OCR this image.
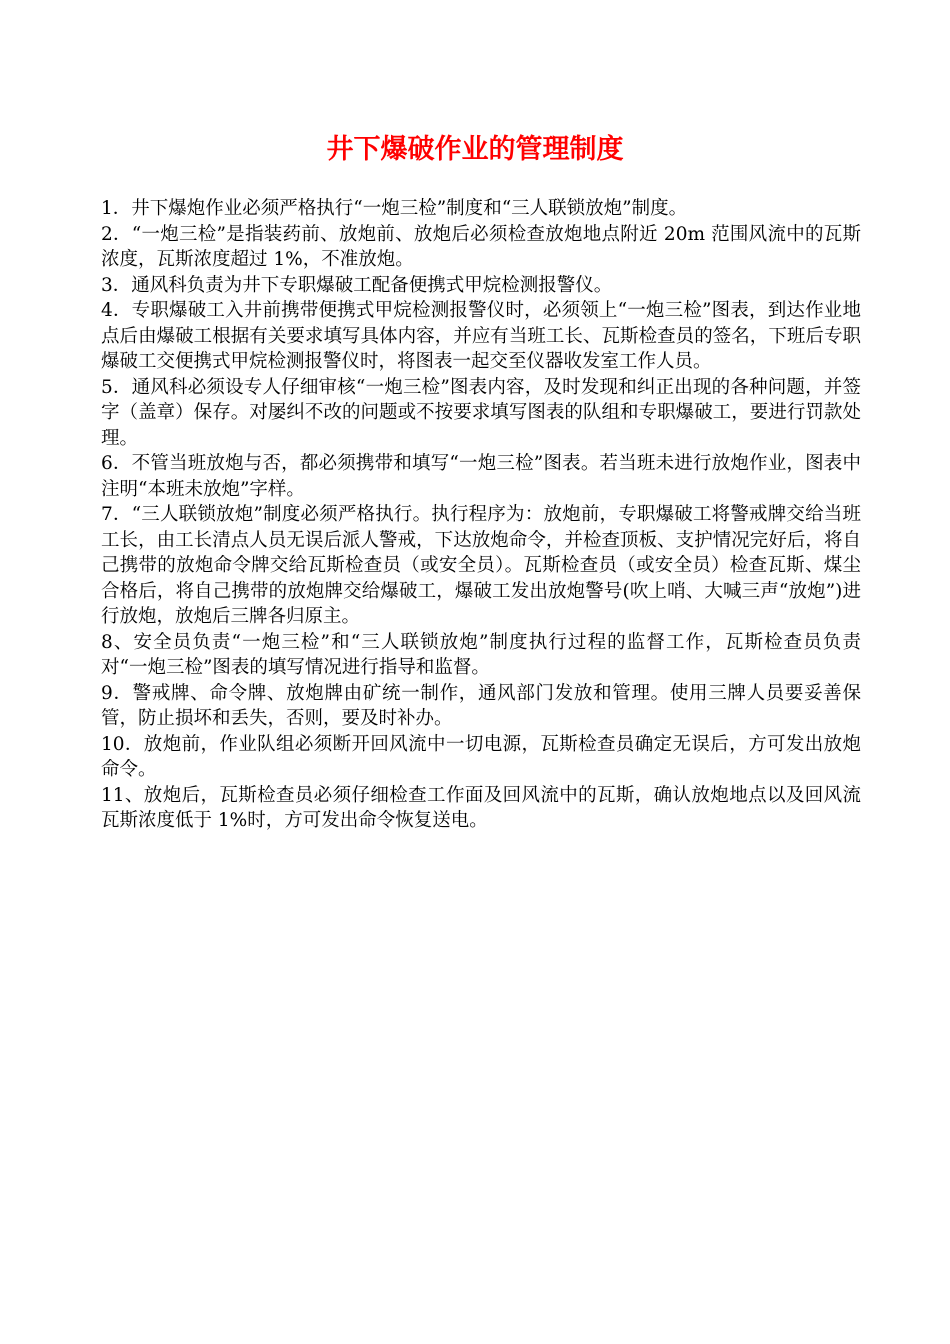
井下爆破作业的管理制度

1．井下爆炮作业必须严格执行“一炮三检”制度和“三人联锁放炮”制度。

2．“一炮三检”是指装药前、放炮前、放炮后必须检查放炮地点附近 20m 范围风流中的瓦斯浓度，瓦斯浓度超过 1%，不准放炮。

3．通风科负责为井下专职爆破工配备便携式甲烷检测报警仪。

4．专职爆破工入井前携带便携式甲烷检测报警仪时，必须领上“一炮三检”图表，到达作业地点后由爆破工根据有关要求填写具体内容，并应有当班工长、瓦斯检查员的签名，下班后专职爆破工交便携式甲烷检测报警仪时，将图表一起交至仪器收发室工作人员。

5．通风科必须设专人仔细审核“一炮三检”图表内容，及时发现和纠正出现的各种问题，并签字（盖章）保存。对屡纠不改的问题或不按要求填写图表的队组和专职爆破工，要进行罚款处理。

6．不管当班放炮与否，都必须携带和填写“一炮三检”图表。若当班未进行放炮作业，图表中注明“本班未放炮”字样。

7．“三人联锁放炮”制度必须严格执行。执行程序为：放炮前，专职爆破工将警戒牌交给当班工长，由工长清点人员无误后派人警戒，下达放炮命令，并检查顶板、支护情况完好后，将自己携带的放炮命令牌交给瓦斯检查员（或安全员）。瓦斯检查员（或安全员）检查瓦斯、煤尘合格后，将自己携带的放炮牌交给爆破工，爆破工发出放炮警号(吹上哨、大喊三声“放炮”)进行放炮，放炮后三牌各归原主。

8、安全员负责“一炮三检”和“三人联锁放炮”制度执行过程的监督工作，瓦斯检查员负责对“一炮三检”图表的填写情况进行指导和监督。

9．警戒牌、命令牌、放炮牌由矿统一制作，通风部门发放和管理。使用三牌人员要妥善保管，防止损坏和丢失，否则，要及时补办。

10．放炮前，作业队组必须断开回风流中一切电源，瓦斯检查员确定无误后，方可发出放炮命令。

11、放炮后，瓦斯检查员必须仔细检查工作面及回风流中的瓦斯，确认放炮地点以及回风流瓦斯浓度低于 1%时，方可发出命令恢复送电。
